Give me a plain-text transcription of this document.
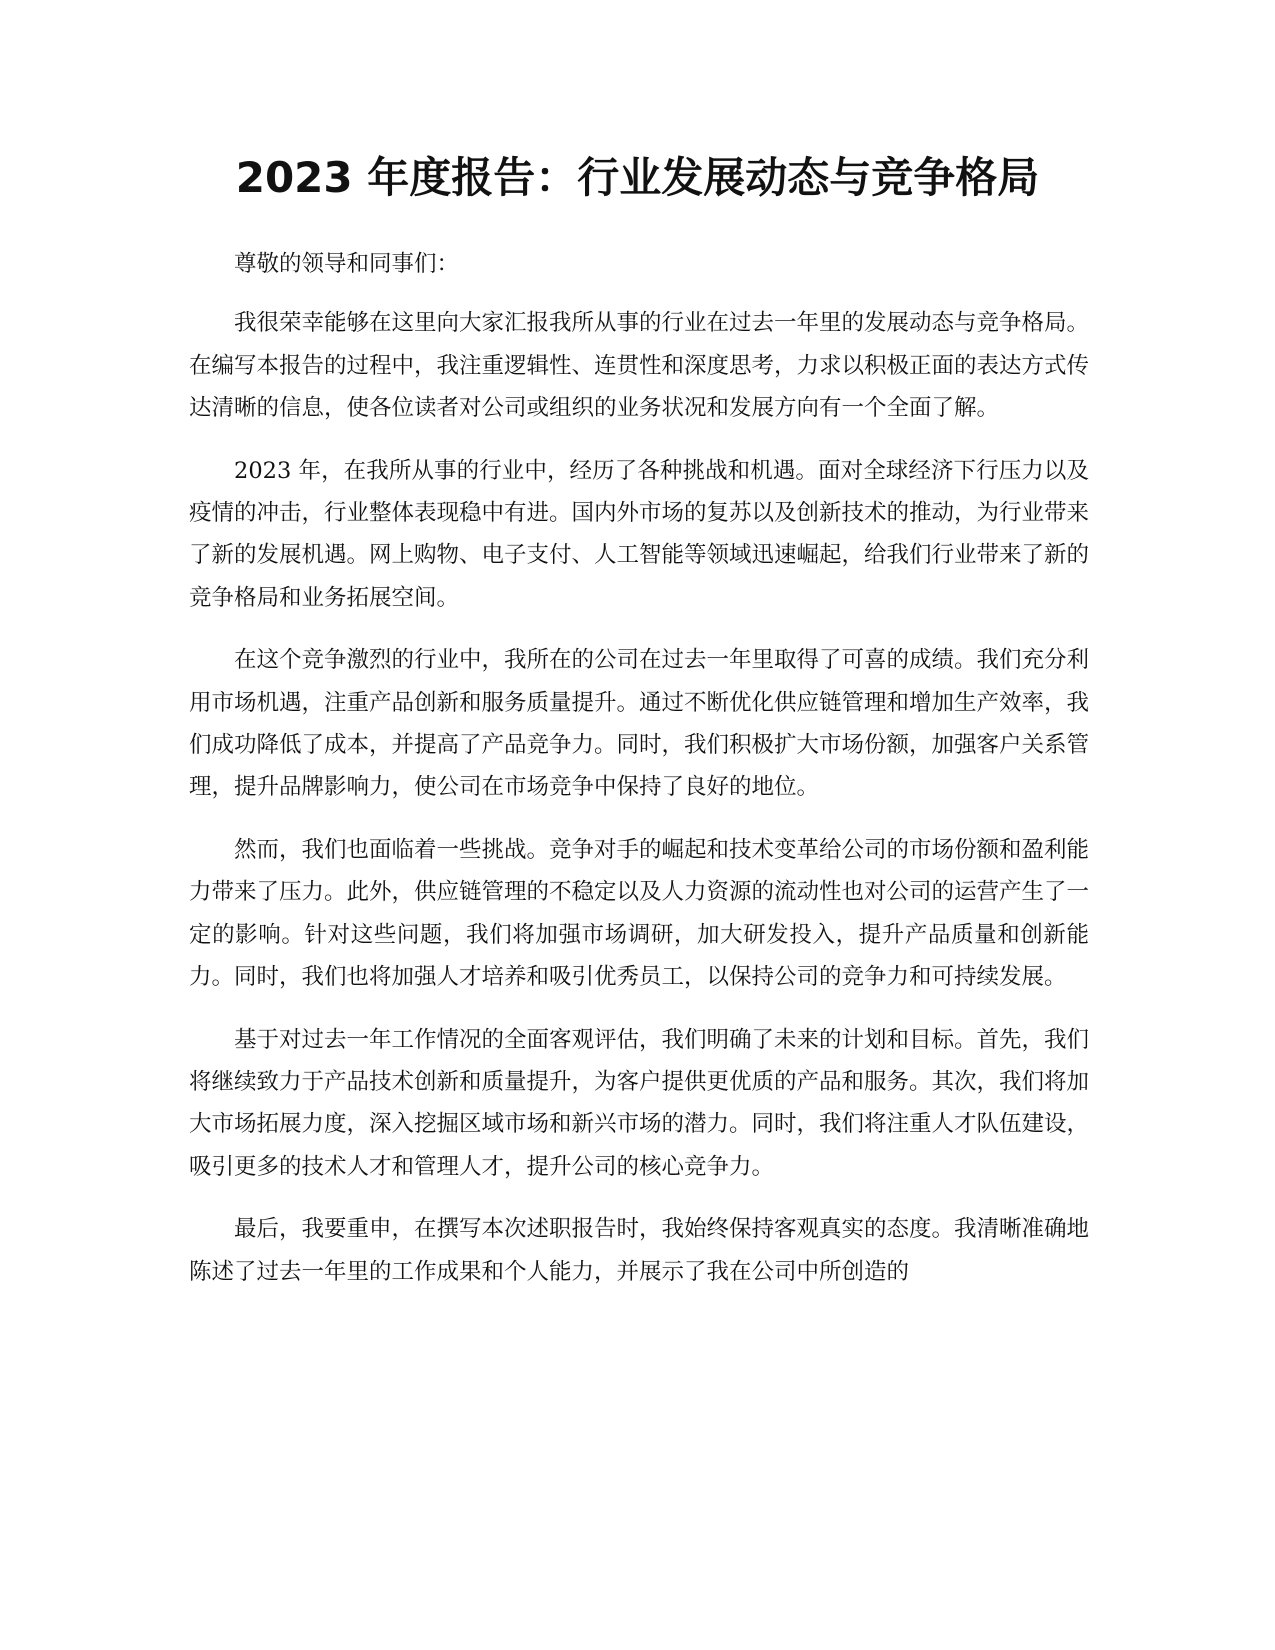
2023 年度报告：行业发展动态与竞争格局

尊敬的领导和同事们：

我很荣幸能够在这里向大家汇报我所从事的行业在过去一年里的发展动态与竞争格局。在编写本报告的过程中，我注重逻辑性、连贯性和深度思考，力求以积极正面的表达方式传达清晰的信息，使各位读者对公司或组织的业务状况和发展方向有一个全面了解。

2023 年，在我所从事的行业中，经历了各种挑战和机遇。面对全球经济下行压力以及疫情的冲击，行业整体表现稳中有进。国内外市场的复苏以及创新技术的推动，为行业带来了新的发展机遇。网上购物、电子支付、人工智能等领域迅速崛起，给我们行业带来了新的竞争格局和业务拓展空间。

在这个竞争激烈的行业中，我所在的公司在过去一年里取得了可喜的成绩。我们充分利用市场机遇，注重产品创新和服务质量提升。通过不断优化供应链管理和增加生产效率，我们成功降低了成本，并提高了产品竞争力。同时，我们积极扩大市场份额，加强客户关系管理，提升品牌影响力，使公司在市场竞争中保持了良好的地位。

然而，我们也面临着一些挑战。竞争对手的崛起和技术变革给公司的市场份额和盈利能力带来了压力。此外，供应链管理的不稳定以及人力资源的流动性也对公司的运营产生了一定的影响。针对这些问题，我们将加强市场调研，加大研发投入，提升产品质量和创新能力。同时，我们也将加强人才培养和吸引优秀员工，以保持公司的竞争力和可持续发展。

基于对过去一年工作情况的全面客观评估，我们明确了未来的计划和目标。首先，我们将继续致力于产品技术创新和质量提升，为客户提供更优质的产品和服务。其次，我们将加大市场拓展力度，深入挖掘区域市场和新兴市场的潜力。同时，我们将注重人才队伍建设，吸引更多的技术人才和管理人才，提升公司的核心竞争力。

最后，我要重申，在撰写本次述职报告时，我始终保持客观真实的态度。我清晰准确地陈述了过去一年里的工作成果和个人能力，并展示了我在公司中所创造的
